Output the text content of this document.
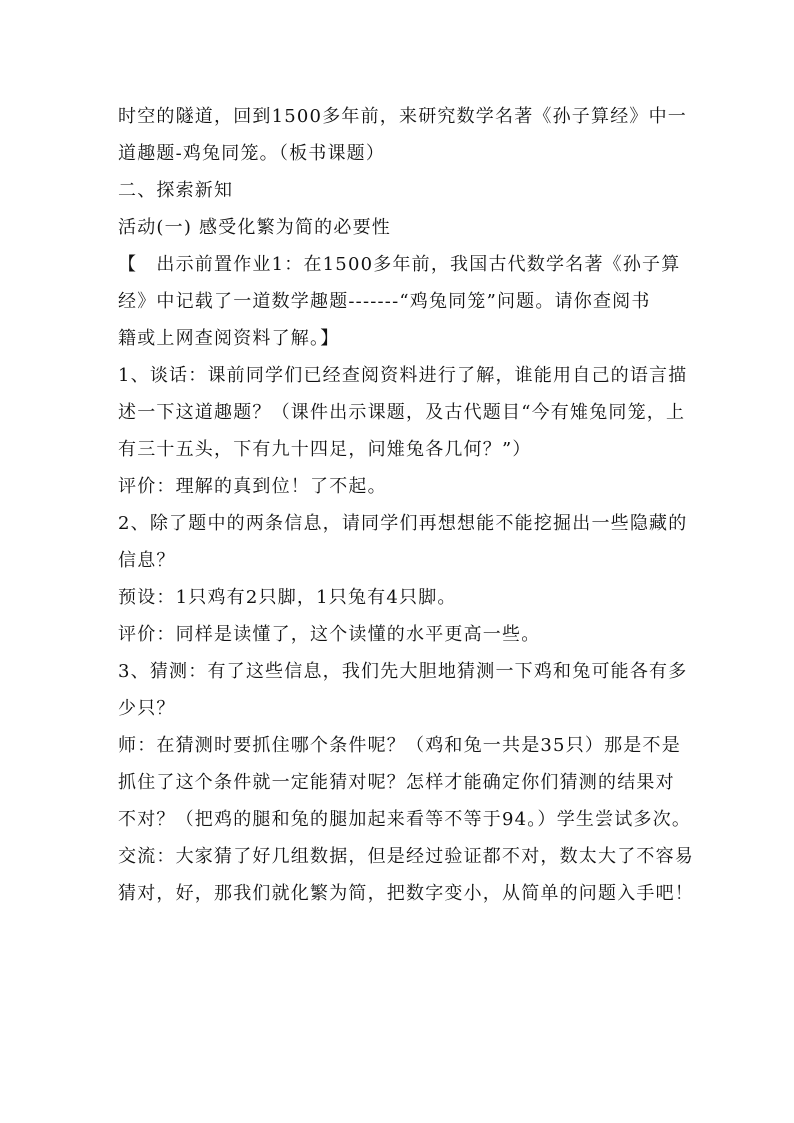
时空的隧道，回到1500多年前，来研究数学名著《孙子算经》中一
道趣题-鸡兔同笼。（板书课题）
二、探索新知
活动(一) 感受化繁为简的必要性
【　出示前置作业1：在1500多年前，我国古代数学名著《孙子算
经》中记载了一道数学趣题-------“鸡兔同笼”问题。请你查阅书
籍或上网查阅资料了解。】
1、谈话：课前同学们已经查阅资料进行了解，谁能用自己的语言描
述一下这道趣题？（课件出示课题，及古代题目“今有雉兔同笼，上
有三十五头，下有九十四足，问雉兔各几何？”）
评价：理解的真到位！了不起。
2、除了题中的两条信息，请同学们再想想能不能挖掘出一些隐藏的
信息？
预设：1只鸡有2只脚，1只兔有4只脚。
评价：同样是读懂了，这个读懂的水平更高一些。
3、猜测：有了这些信息，我们先大胆地猜测一下鸡和兔可能各有多
少只？
师：在猜测时要抓住哪个条件呢？（鸡和兔一共是35只）那是不是
抓住了这个条件就一定能猜对呢？怎样才能确定你们猜测的结果对
不对？（把鸡的腿和兔的腿加起来看等不等于94。）学生尝试多次。
交流：大家猜了好几组数据，但是经过验证都不对，数太大了不容易
猜对，好，那我们就化繁为简，把数字变小，从简单的问题入手吧！
